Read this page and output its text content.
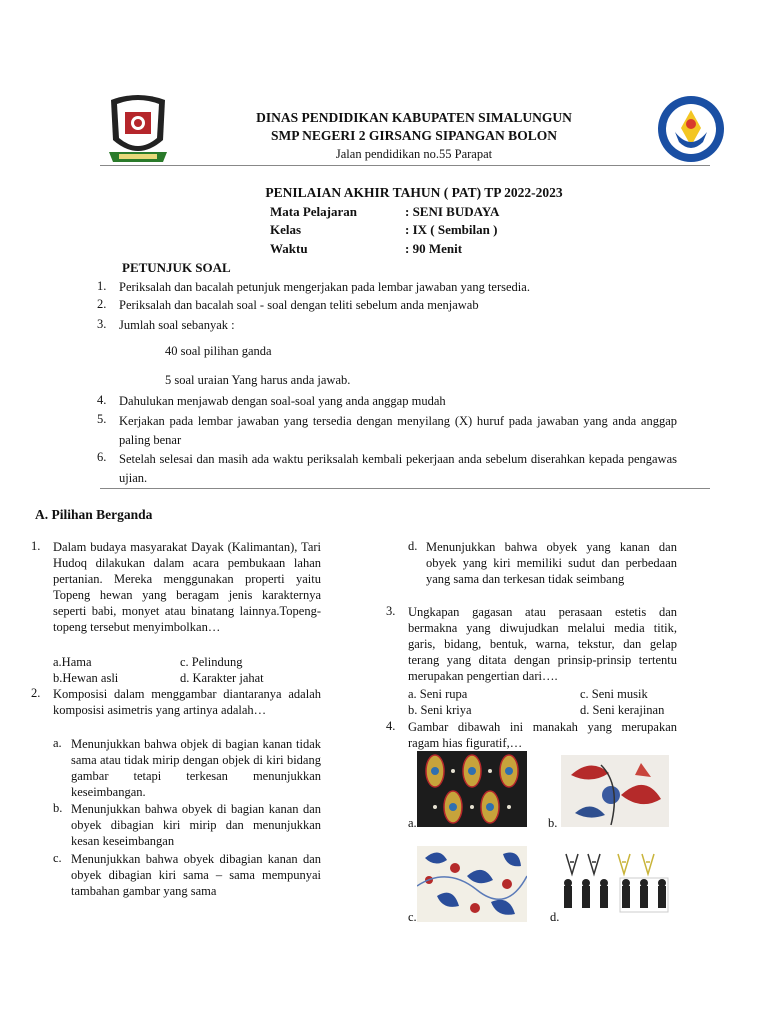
DINAS PENDIDIKAN KABUPATEN SIMALUNGUN
SMP NEGERI 2 GIRSANG SIPANGAN BOLON
Jalan pendidikan no.55 Parapat
PENILAIAN AKHIR TAHUN ( PAT) TP 2022-2023
Mata Pelajaran	: SENI BUDAYA
Kelas	: IX ( Sembilan )
Waktu	: 90 Menit
PETUNJUK SOAL
1. Periksalah dan bacalah petunjuk mengerjakan pada lembar jawaban yang tersedia.
2. Periksalah dan bacalah soal - soal dengan teliti sebelum anda menjawab
3. Jumlah soal sebanyak :
40 soal pilihan ganda
5 soal uraian Yang harus anda jawab.
4. Dahulukan menjawab dengan soal-soal yang anda anggap mudah
5. Kerjakan pada lembar jawaban yang tersedia dengan menyilang (X) huruf pada jawaban yang anda anggap paling benar
6. Setelah selesai dan masih ada waktu periksalah kembali pekerjaan anda sebelum diserahkan kepada pengawas ujian.
A. Pilihan Berganda
1. Dalam budaya masyarakat Dayak (Kalimantan), Tari Hudoq dilakukan dalam acara pembukaan lahan pertanian. Mereka menggunakan properti yaitu Topeng hewan yang beragam jenis karakternya seperti babi, monyet atau binatang lainnya.Topeng-topeng tersebut menyimbolkan…
a.Hama	c. Pelindung
b.Hewan asli	d. Karakter jahat
2. Komposisi dalam menggambar diantaranya adalah komposisi asimetris yang artinya adalah…
a. Menunjukkan bahwa objek di bagian kanan tidak sama atau tidak mirip dengan objek di kiri bidang gambar tetapi terkesan menunjukkan keseimbangan.
b. Menunjukkan bahwa obyek di bagian kanan dan obyek dibagian kiri mirip dan menunjukkan kesan keseimbangan
c. Menunjukkan bahwa obyek dibagian kanan dan obyek dibagian kiri sama – sama mempunyai tambahan gambar yang sama
d. Menunjukkan bahwa obyek yang kanan dan obyek yang kiri memiliki sudut dan perbedaan yang sama dan terkesan tidak seimbang
3. Ungkapan gagasan atau perasaan estetis dan bermakna yang diwujudkan melalui media titik, garis, bidang, bentuk, warna, tekstur, dan gelap terang yang ditata dengan prinsip-prinsip tertentu merupakan pengertian dari….
a. Seni rupa	c. Seni musik
b. Seni kriya	d. Seni kerajinan
4. Gambar dibawah ini manakah yang merupakan ragam hias figuratif,…
a.	b.
c.	d.
